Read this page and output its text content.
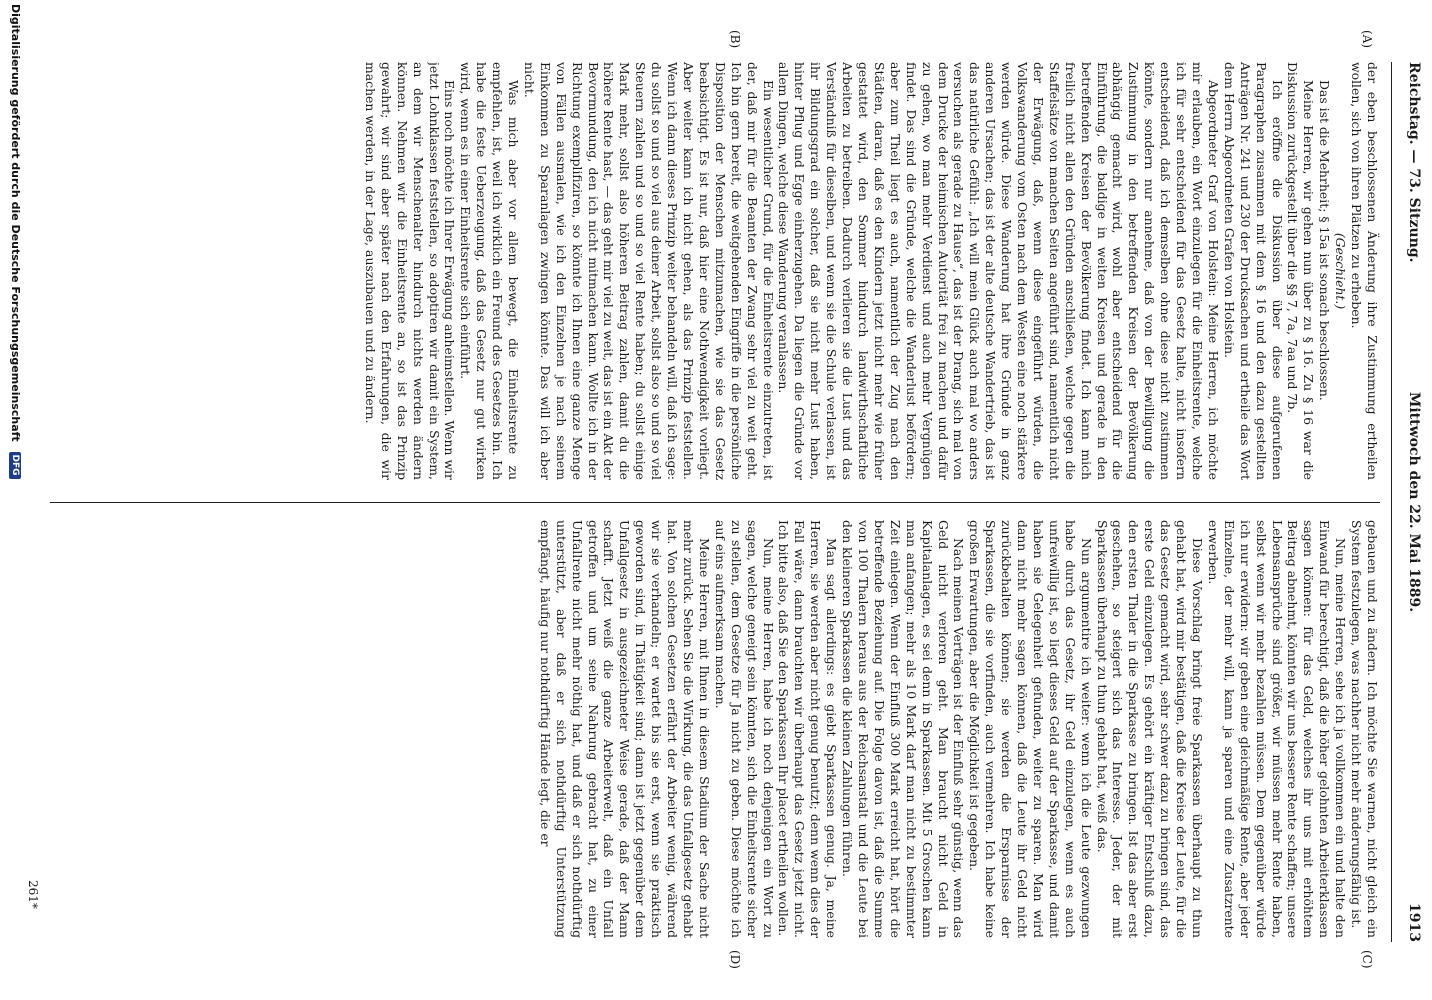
Reichstag. — 73. Sitzung.
Mittwoch den 22. Mai 1889.
1913
(A)
(B)
(C)
(D)

der eben beschlossenen Änderung ihre Zustimmung ertheilen wollen, sich von ihren Plätzen zu erheben.

(Geschieht.)

Das ist die Mehrheit; § 15a ist sonach beschlossen.

Meine Herren, wir gehen nun über zu § 16. Zu § 16 war die Diskussion zurückgestellt über die §§ 7, 7a, 7aa und 7b.

Ich eröffne die Diskussion über diese aufgerufenen Paragraphen zusammen mit dem § 16 und den dazu gestellten Anträgen Nr. 241 und 230 der Drucksachen und ertheile das Wort dem Herrn Abgeordneten Grafen von Holstein.

Abgeordneter Graf von Holstein: Meine Herren, ich möchte mir erlauben, ein Wort einzulegen für die Einheitsrente, welche ich für sehr entscheidend für das Gesetz halte, nicht insofern entscheidend, daß ich demselben ohne diese nicht zustimmen könnte, sondern nur annehme, daß von der Bewilligung die Zustimmung in den betreffenden Kreisen der Bevölkerung abhängig gemacht wird, wohl aber entscheidend für die Einführung, die baldige in weiten Kreisen und gerade in den betreffenden Kreisen der Bevölkerung findet. Ich kann mich freilich nicht allen den Gründen anschließen, welche gegen die Staffelsätze von manchen Seiten angeführt sind, namentlich nicht der Erwägung, daß, wenn diese eingeführt würden, die Volkswanderung vom Osten nach dem Westen eine noch stärkere werden würde. Diese Wanderung hat ihre Gründe in ganz anderen Ursachen; das ist der alte deutsche Wandertrieb, das ist das natürliche Gefühl: „Ich will mein Glück auch mal wo anders versuchen als gerade zu Hause“, das ist der Drang, sich mal von dem Drucke der heimischen Autorität frei zu machen und dafür zu gehen, wo man mehr Verdienst und auch mehr Vergnügen findet. Das sind die Gründe, welche die Wanderlust befördern; aber zum Theil liegt es auch, namentlich der Zug nach den Städten, daran, daß es den Kindern jetzt nicht mehr wie früher gestattet wird, den Sommer hindurch landwirthschaftliche Arbeiten zu betreiben. Dadurch verlieren sie die Lust und das Verständniß für dieselben, und wenn sie die Schule verlassen, ist ihr Bildungsgrad ein solcher, daß sie nicht mehr Lust haben, hinter Pflug und Egge einherzugehen. Da liegen die Gründe vor allem Dingen, welche diese Wanderung veranlassen.

Ein wesentlicher Grund, für die Einheitsrente einzutreten, ist der, daß mir für die Beamten der Zwang sehr viel zu weit geht. Ich bin gern bereit, die weitgehenden Eingriffe in die persönliche Disposition der Menschen mitzumachen, wie sie das Gesetz beabsichtigt. Es ist nur, daß hier eine Nothwendigkeit vorliegt. Aber weiter kann ich nicht gehen, als das Prinzip feststellen. Wenn ich dann dieses Prinzip weiter behandeln will, daß ich sage: du sollst so und so viel aus deiner Arbeit, sollst also so und so viel Steuern zahlen und so und so viel Rente haben; du sollst einige Mark mehr, sollst also höheren Beitrag zahlen, damit du die höhere Rente hast, — das geht mir viel zu weit, das ist ein Akt der Bevormundung, den ich nicht mitmachen kann. Wollte ich in der Richtung exemplifiziren, so könnte ich Ihnen eine ganze Menge von Fällen ausmalen, wie ich den Einzelnen je nach seinem Einkommen zu Sparanlagen zwingen könnte. Das will ich aber nicht.

Was mich aber vor allem bewegt, die Einheitsrente zu empfehlen, ist, weil ich wirklich ein Freund des Gesetzes bin. Ich habe die feste Ueberzeugung, daß das Gesetz nur gut wirken wird, wenn es in einer Einheitsrente sich einführt.

Eins noch möchte ich Ihrer Erwägung anheimstellen. Wenn wir jetzt Lohnklassen feststellen, so adoptiren wir damit ein System, an dem wir Menschenalter hindurch nichts werden ändern können. Nehmen wir die Einheitsrente an, so ist das Prinzip gewahrt; wir sind aber später nach den Erfahrungen, die wir machen werden, in der Lage, auszubauen und zu ändern.

gebauen und zu ändern. Ich möchte Sie warnen, nicht gleich ein System festzulegen, was nachher nicht mehr änderungsfähig ist.

Nun, meine Herren, sehe ich ja vollkommen ein und halte den Einwand für berechtigt, daß die höher gelohnten Arbeiterklassen sagen können: für das Geld, welches ihr uns mit erhöhtem Beitrag abnehmt, könnten wir uns bessere Rente schaffen; unsere Lebensansprüche sind größer, wir müssen mehr Rente haben, selbst wenn wir mehr bezahlen müssen. Dem gegenüber würde ich nur erwidern: wir geben eine gleichmäßige Rente, aber jeder Einzelne, der mehr will, kann ja sparen und eine Zusatzrente erwerben.

Diese Vorschlag bringt freie Sparkassen überhaupt zu thun gehabt hat, wird mir bestätigen, daß die Kreise der Leute, für die das Gesetz gemacht wird, sehr schwer dazu zu bringen sind, das erste Geld einzulegen. Es gehört ein kräftiger Entschluß dazu, den ersten Thaler in die Sparkasse zu bringen. Ist das aber erst geschehen, so steigert sich das Interesse. Jeder, der mit Sparkassen überhaupt zu thun gehabt hat, weiß das.

Nun argumentire ich weiter: wenn ich die Leute gezwungen habe durch das Gesetz, ihr Geld einzulegen, wenn es auch unfreiwillig ist, so liegt dieses Geld auf der Sparkasse, und damit haben sie Gelegenheit gefunden, weiter zu sparen. Man wird dann nicht mehr sagen können, daß die Leute ihr Geld nicht zurückbehalten können; sie werden die Ersparnisse der Sparkassen, die sie vorfinden, auch vermehren. Ich habe keine großen Erwartungen, aber die Möglichkeit ist gegeben.

Nach meinen Verträgen ist der Einfluß sehr günstig, wenn das Geld nicht verloren geht. Man braucht nicht Geld in Kapitalanlagen, es sei denn in Sparkassen. Mit 5 Groschen kann man anfangen; mehr als 10 Mark darf man nicht zu bestimmter Zeit einlegen. Wenn der Einfluß 300 Mark erreicht hat, hört die betreffende Beziehung auf. Die Folge davon ist, daß die Summe von 100 Thalern heraus aus der Reichsanstalt und die Leute bei den kleineren Sparkassen die kleinen Zahlungen führen.

Man sagt allerdings: es giebt Sparkassen genug. Ja, meine Herren, sie werden aber nicht genug benutzt; denn wenn dies der Fall wäre, dann brauchten wir überhaupt das Gesetz jetzt nicht. Ich bitte also, daß Sie den Sparkassen Ihr placet ertheilen wollen.

Nun, meine Herren, habe ich noch denjenigen ein Wort zu sagen, welche geneigt sein könnten, sich die Einheitsrente sicher zu stellen, dem Gesetze für Ja nicht zu geben. Diese möchte ich auf eins aufmerksam machen.

Meine Herren, mit Ihnen in diesem Stadium der Sache nicht mehr zurück. Sehen Sie die Wirkung, die das Unfallgesetz gehabt hat. Von solchen Gesetzen erfährt der Arbeiter wenig, während wir sie verhandeln; er wartet bis sie erst, wenn sie praktisch geworden sind, in Thätigkeit sind; dann ist jetzt gegenüber dem Unfallgesetz in ausgezeichneter Weise gerade, daß der Mann schafft. Jetzt weiß die ganze Arbeiterwelt, daß ein Unfall getroffen und um seine Nahrung gebracht hat, zu einer Unfallrente nicht mehr nöthig hat, und daß er sich nothdürftig unterstützt, aber daß er sich nothdürftig Unterstützung empfängt, häufig nur nothdürftig Hände legt, die er

261*
Digitalisierung gefördert durch die Deutsche Forschungsgemeinschaft DFG
